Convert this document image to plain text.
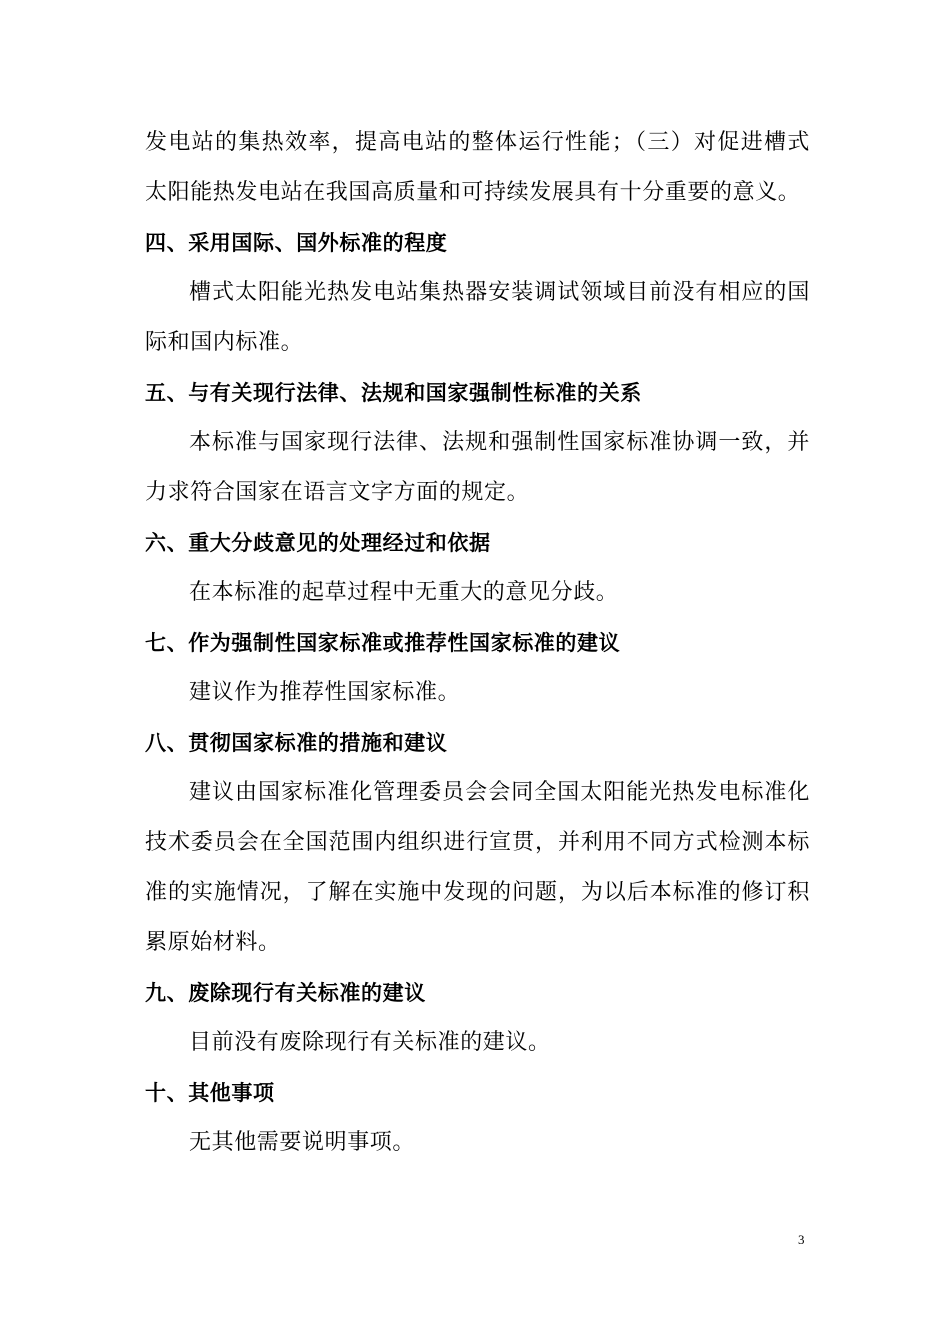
发电站的集热效率，提高电站的整体运行性能；（三）对促进槽式太阳能热发电站在我国高质量和可持续发展具有十分重要的意义。

四、采用国际、国外标准的程度

槽式太阳能光热发电站集热器安装调试领域目前没有相应的国际和国内标准。

五、与有关现行法律、法规和国家强制性标准的关系

本标准与国家现行法律、法规和强制性国家标准协调一致，并力求符合国家在语言文字方面的规定。

六、重大分歧意见的处理经过和依据

在本标准的起草过程中无重大的意见分歧。

七、作为强制性国家标准或推荐性国家标准的建议

建议作为推荐性国家标准。

八、贯彻国家标准的措施和建议

建议由国家标准化管理委员会会同全国太阳能光热发电标准化技术委员会在全国范围内组织进行宣贯，并利用不同方式检测本标准的实施情况，了解在实施中发现的问题，为以后本标准的修订积累原始材料。

九、废除现行有关标准的建议

目前没有废除现行有关标准的建议。

十、其他事项

无其他需要说明事项。

3
